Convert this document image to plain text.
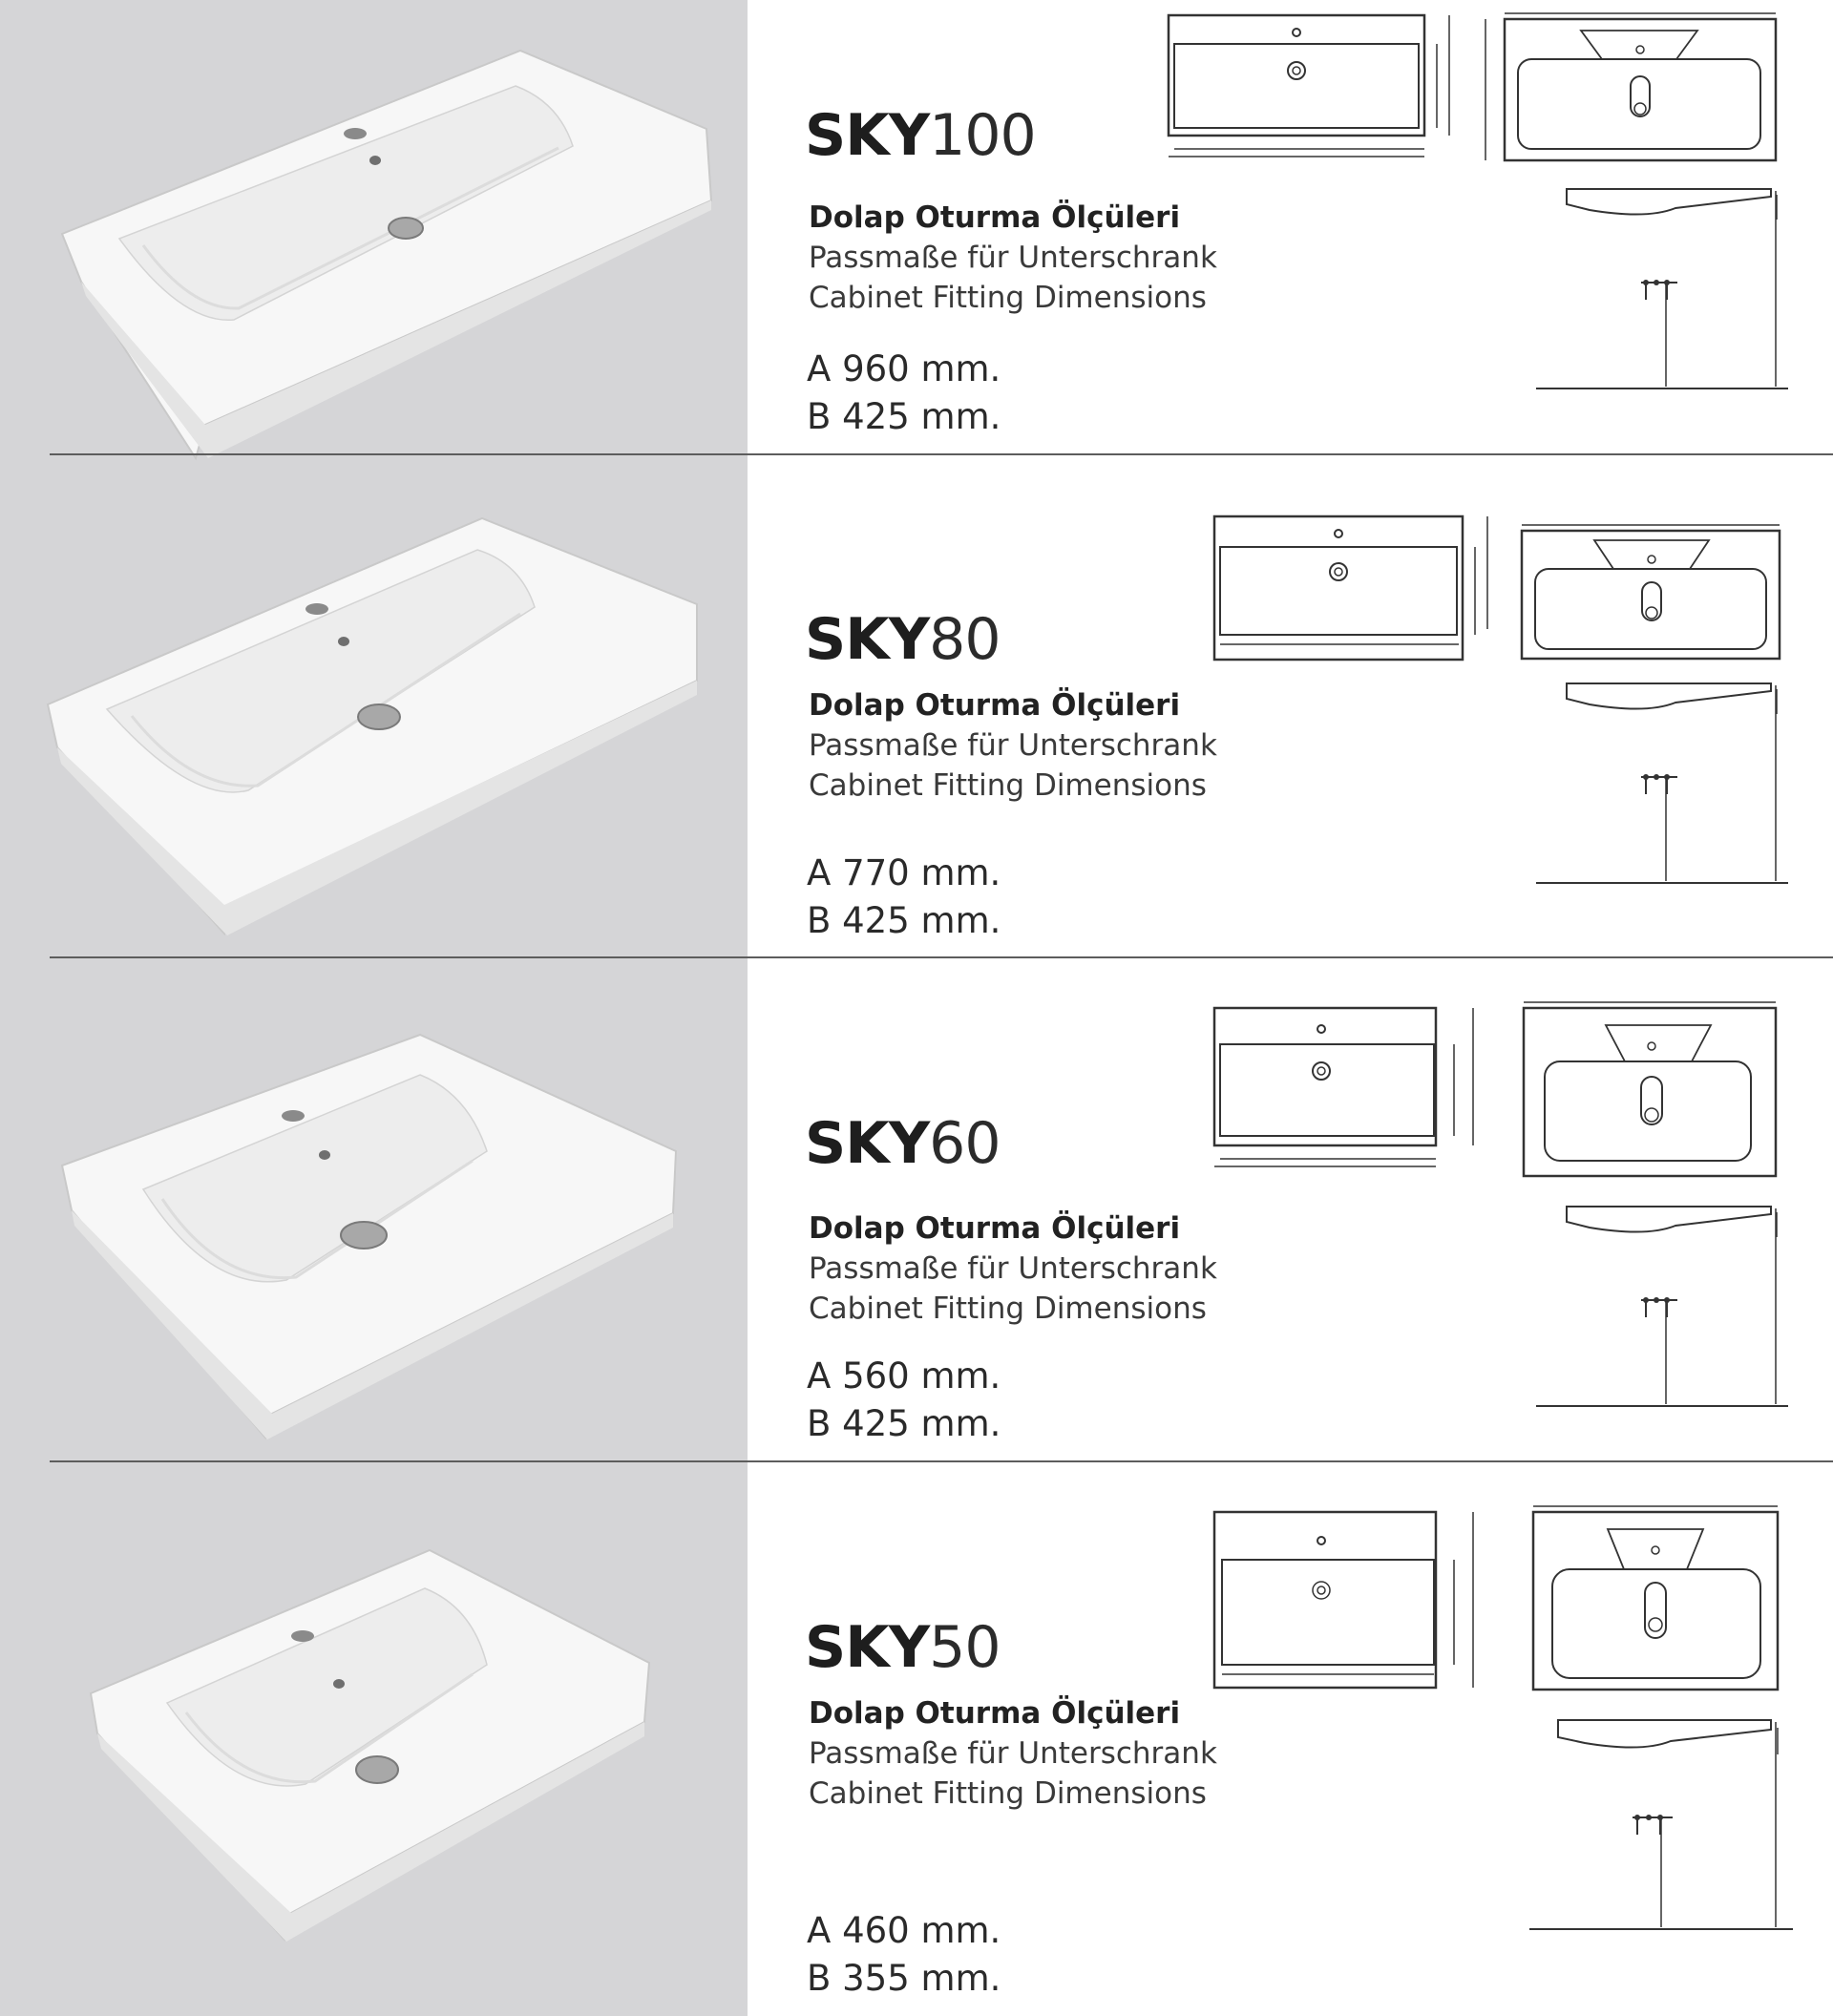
SKY100
Dolap Oturma Ölçüleri
Passmaße für Unterschrank
Cabinet Fitting Dimensions
A 960 mm.
B 425 mm.
SKY80
Dolap Oturma Ölçüleri
Passmaße für Unterschrank
Cabinet Fitting Dimensions
A 770 mm.
B 425 mm.
SKY60
Dolap Oturma Ölçüleri
Passmaße für Unterschrank
Cabinet Fitting Dimensions
A 560 mm.
B 425 mm.
SKY50
Dolap Oturma Ölçüleri
Passmaße für Unterschrank
Cabinet Fitting Dimensions
A 460 mm.
B 355 mm.
